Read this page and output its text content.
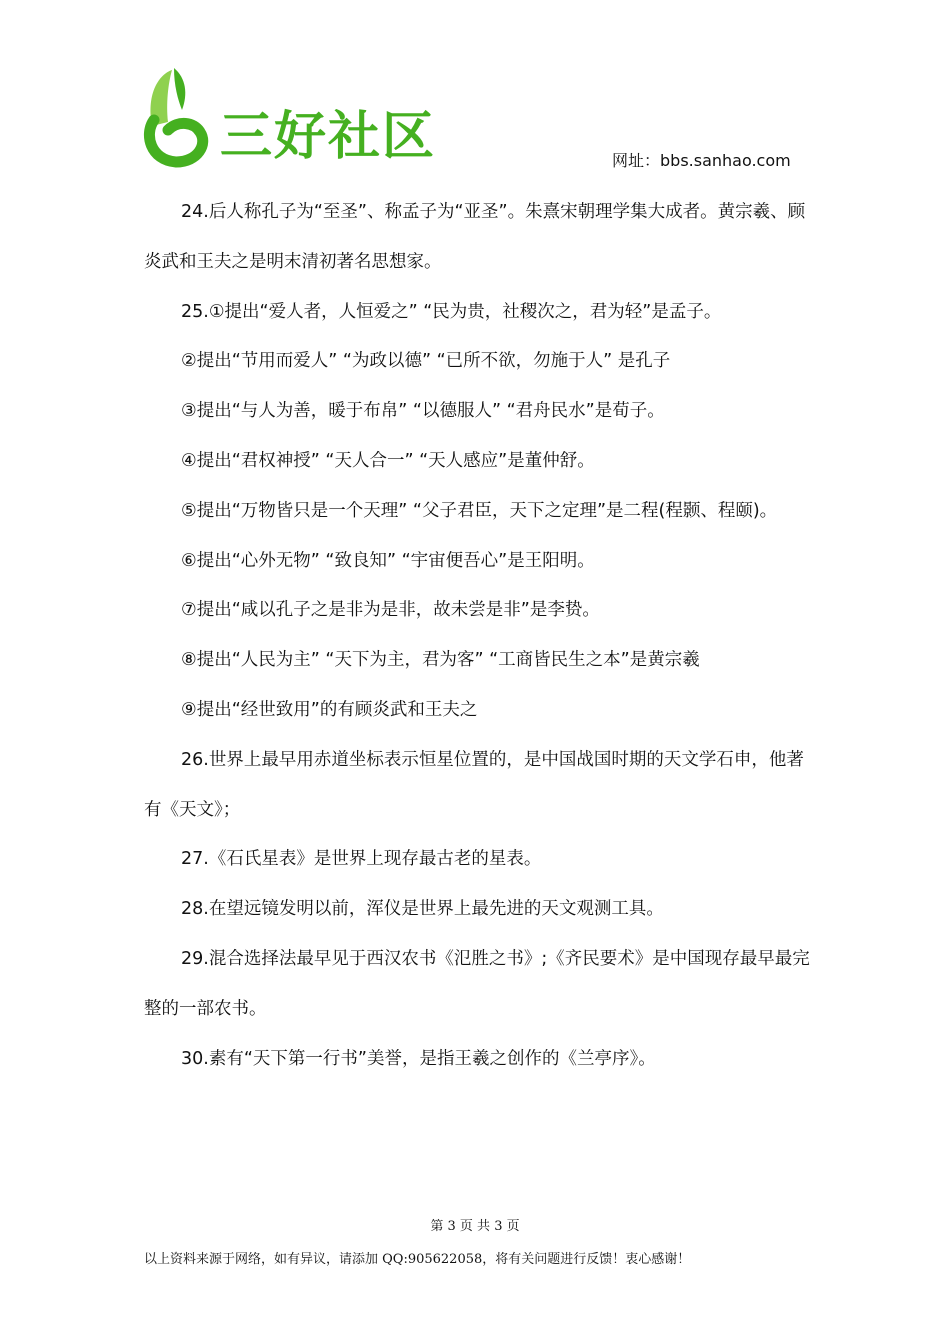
三好社区	网址：bbs.sanhao.com

24.后人称孔子为“至圣”、称孟子为“亚圣”。朱熹宋朝理学集大成者。黄宗羲、顾炎武和王夫之是明末清初著名思想家。

25.①提出“爱人者，人恒爱之” “民为贵，社稷次之，君为轻”是孟子。

②提出“节用而爱人” “为政以德” “已所不欲，勿施于人” 是孔子

③提出“与人为善，暖于布帛” “以德服人” “君舟民水”是荀子。

④提出“君权神授” “天人合一” “天人感应”是董仲舒。

⑤提出“万物皆只是一个天理” “父子君臣，天下之定理”是二程(程颢、程颐)。

⑥提出“心外无物” “致良知” “宇宙便吾心”是王阳明。

⑦提出“咸以孔子之是非为是非，故未尝是非”是李贽。

⑧提出“人民为主” “天下为主，君为客” “工商皆民生之本”是黄宗羲

⑨提出“经世致用”的有顾炎武和王夫之

26.世界上最早用赤道坐标表示恒星位置的，是中国战国时期的天文学石申，他著有《天文》；

27.《石氏星表》是世界上现存最古老的星表。

28.在望远镜发明以前，浑仪是世界上最先进的天文观测工具。

29.混合选择法最早见于西汉农书《氾胜之书》;《齐民要术》是中国现存最早最完整的一部农书。

30.素有“天下第一行书”美誉，是指王羲之创作的《兰亭序》。

第 3 页 共 3 页
以上资料来源于网络，如有异议，请添加 QQ:905622058，将有关问题进行反馈！衷心感谢！
